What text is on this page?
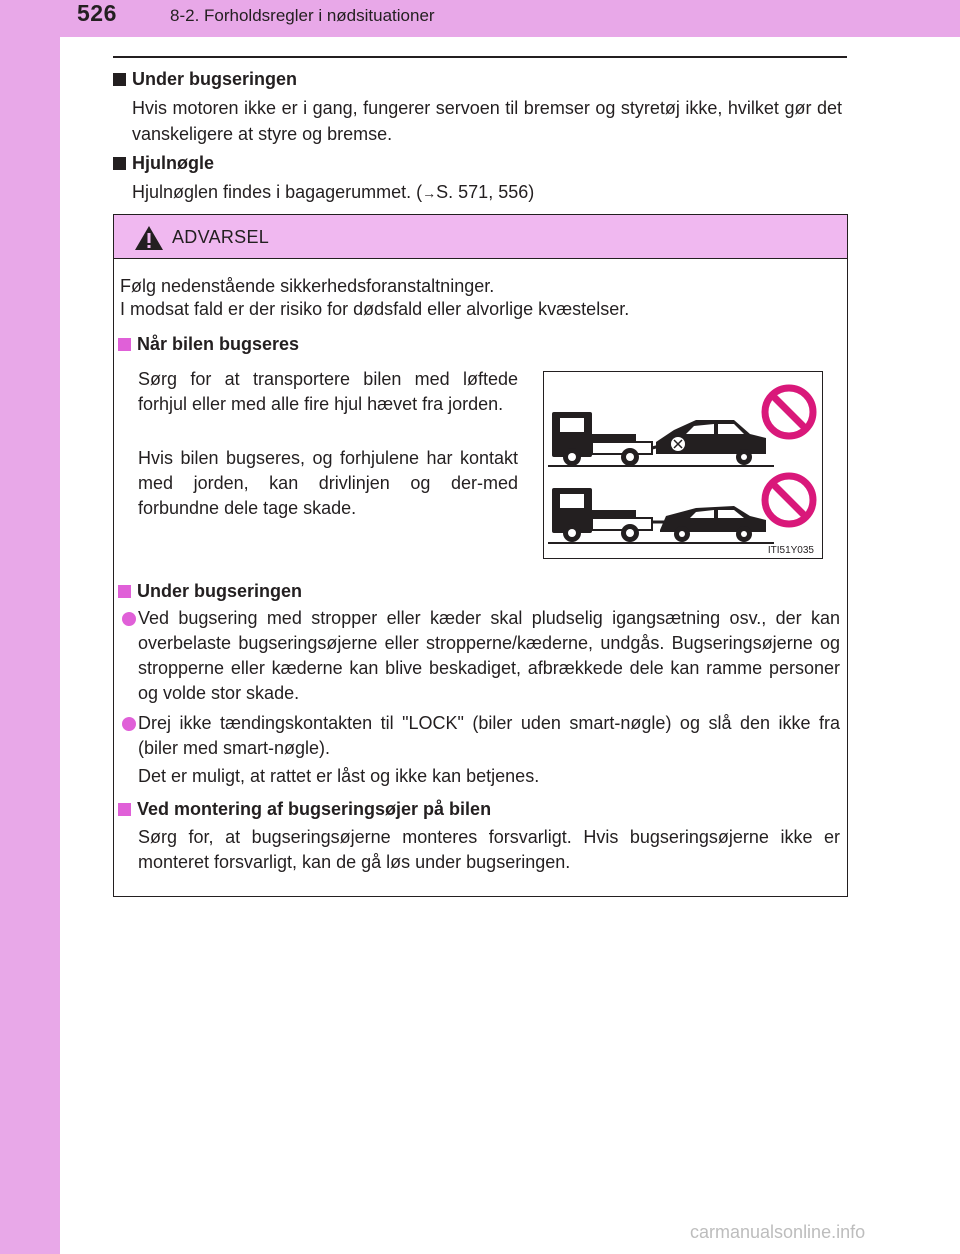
526	8-2. Forholdsregler i nødsituationer
Under bugseringen
Hvis motoren ikke er i gang, fungerer servoen til bremser og styretøj ikke, hvilket gør det vanskeligere at styre og bremse.
Hjulnøgle
Hjulnøglen findes i bagagerummet. (→S. 571, 556)
ADVARSEL
Følg nedenstående sikkerhedsforanstaltninger.
I modsat fald er der risiko for dødsfald eller alvorlige kvæstelser.
Når bilen bugseres
Sørg for at transportere bilen med løftede forhjul eller med alle fire hjul hævet fra jorden.
Hvis bilen bugseres, og forhjulene har kontakt med jorden, kan drivlinjen og der-med forbundne dele tage skade.
Under bugseringen
Ved bugsering med stropper eller kæder skal pludselig igangsætning osv., der kan overbelaste bugseringsøjerne eller stropperne/kæderne, undgås. Bugseringsøjerne og stropperne eller kæderne kan blive beskadiget, afbrækkede dele kan ramme personer og volde stor skade.
Drej ikke tændingskontakten til "LOCK" (biler uden smart-nøgle) og slå den ikke fra (biler med smart-nøgle).
Det er muligt, at rattet er låst og ikke kan betjenes.
Ved montering af bugseringsøjer på bilen
Sørg for, at bugseringsøjerne monteres forsvarligt. Hvis bugseringsøjerne ikke er monteret forsvarligt, kan de gå løs under bugseringen.
ITI51Y035
carmanualsonline.info
